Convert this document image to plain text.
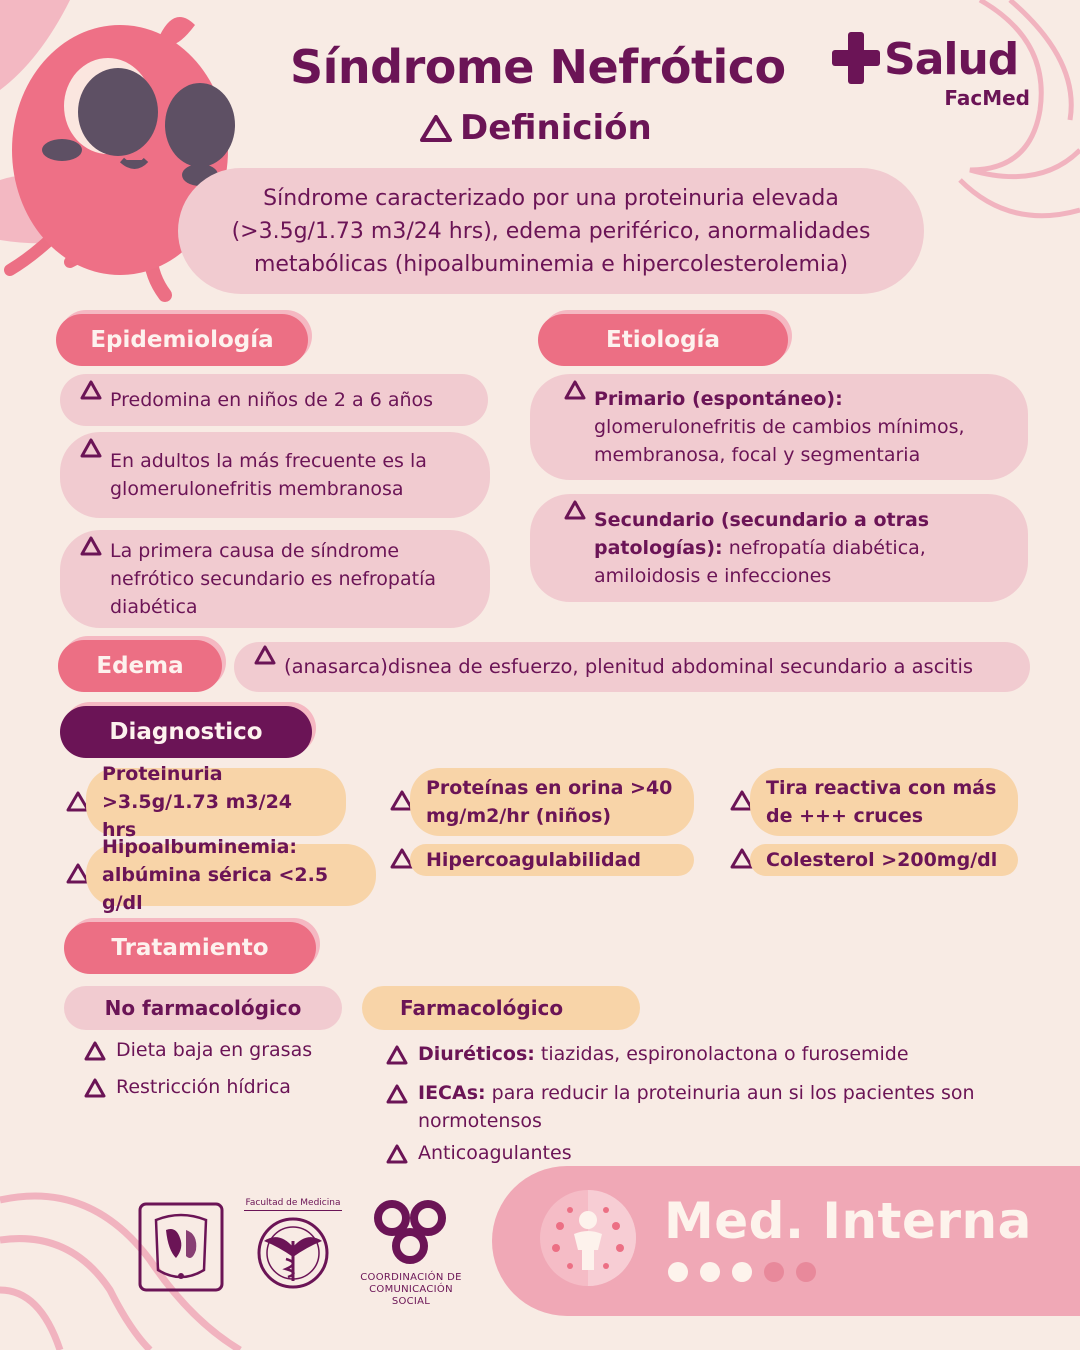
Síndrome Nefrótico
Definición
Salud
FacMed

Síndrome caracterizado por una proteinuria elevada (>3.5g/1.73 m3/24 hrs), edema periférico, anormalidades metabólicas (hipoalbuminemia e hipercolesterolemia)

Epidemiología
Predomina en niños de 2 a 6 años
En adultos la más frecuente es la glomerulonefritis membranosa
La primera causa de síndrome nefrótico secundario es nefropatía diabética
Etiología
Primario (espontáneo): glomerulonefritis de cambios mínimos, membranosa, focal y segmentaria
Secundario (secundario a otras patologías): nefropatía diabética, amiloidosis e infecciones
Edema	(anasarca)disnea de esfuerzo, plenitud abdominal secundario a ascitis
Diagnostico
Proteinuria >3.5g/1.73 m3/24 hrs
Proteínas en orina >40 mg/m2/hr (niños)
Tira reactiva con más de +++ cruces
Hipoalbuminemia: albúmina sérica <2.5 g/dl
Hipercoagulabilidad	Colesterol >200mg/dl
Tratamiento
No farmacológico	Farmacológico
Dieta baja en grasas
Restricción hídrica
Diuréticos: tiazidas, espironolactona o furosemide
IECAs: para reducir la proteinuria aun si los pacientes son normotensos
Anticoagulantes
Facultad de Medicina
COORDINACIÓN DE
COMUNICACIÓN SOCIAL
Med. Interna
